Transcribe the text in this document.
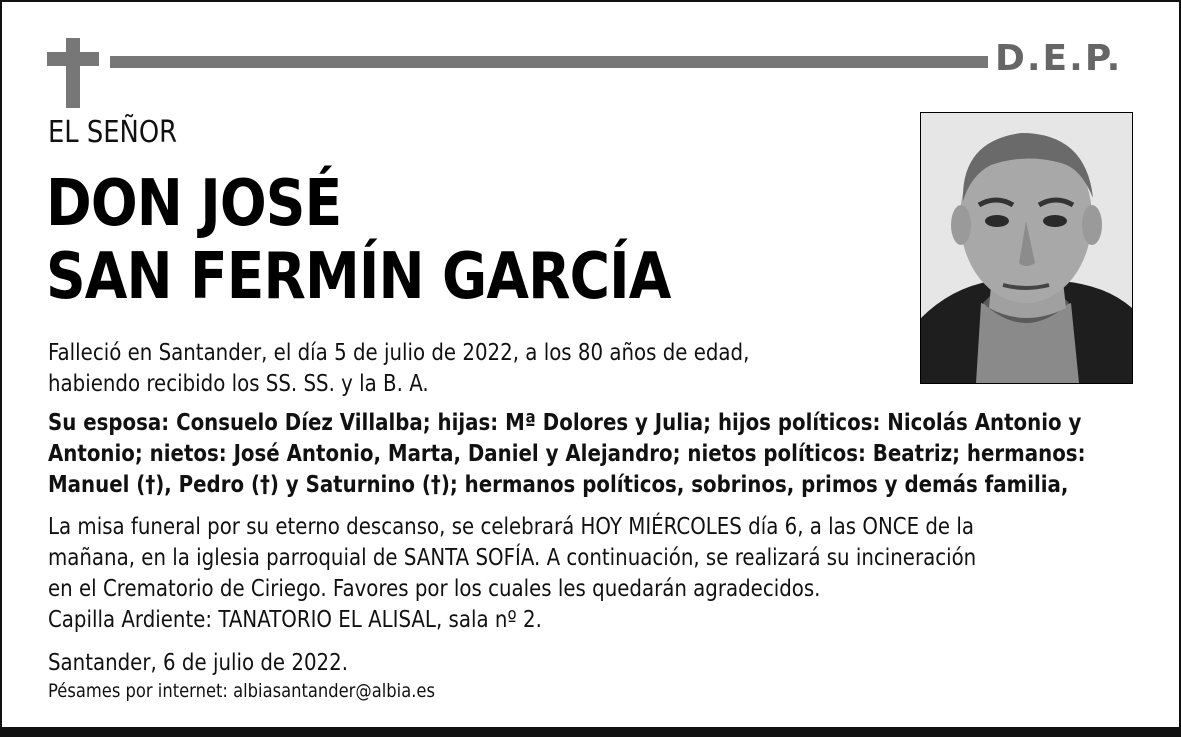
D.E.P.
EL SEÑOR
DON JOSÉ
SAN FERMÍN GARCÍA
Falleció en Santander, el día 5 de julio de 2022, a los 80 años de edad,
habiendo recibido los SS. SS. y la B. A.
Su esposa: Consuelo Díez Villalba; hijas: Mª Dolores y Julia; hijos políticos: Nicolás Antonio y
Antonio; nietos: José Antonio, Marta, Daniel y Alejandro; nietos políticos: Beatriz; hermanos:
Manuel (†), Pedro (†) y Saturnino (†); hermanos políticos, sobrinos, primos y demás familia,
La misa funeral por su eterno descanso, se celebrará HOY MIÉRCOLES día 6, a las ONCE de la
mañana, en la iglesia parroquial de SANTA SOFÍA. A continuación, se realizará su incineración
en el Crematorio de Ciriego. Favores por los cuales les quedarán agradecidos.
Capilla Ardiente: TANATORIO EL ALISAL, sala nº 2.
Santander, 6 de julio de 2022.
Pésames por internet: albiasantander@albia.es
